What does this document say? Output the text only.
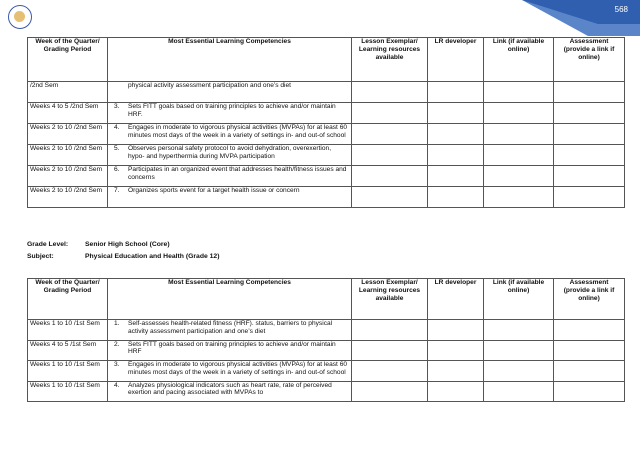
568
Week of the Quarter/ Grading Period	Most Essential Learning Competencies	Lesson Exemplar/ Learning resources available	LR developer	Link (if available online)	Assessment (provide a link if online)
/2nd Sem	physical activity assessment participation and one’s diet				

Weeks 4 to 5 /2nd Sem	3. Sets FITT goals based on training principles to achieve and/or maintain HRF.				

Weeks 2 to 10 /2nd Sem	4. Engages in moderate to vigorous physical activities (MVPAs) for at least 60 minutes most days of the week in a variety of settings in- and out-of school				

Weeks 2 to 10 /2nd Sem	5. Observes personal safety protocol to avoid dehydration, overexertion, hypo- and hyperthermia during MVPA participation				

Weeks 2 to 10 /2nd Sem	6. Participates in an organized event that addresses health/fitness issues and concerns				

Weeks 2 to 10 /2nd Sem	7. Organizes sports event for a target health issue or concern				

Grade Level: Senior High School (Core)
Subject:	Physical Education and Health (Grade 12)
Week of the Quarter/ Grading Period	Most Essential Learning Competencies	Lesson Exemplar/ Learning resources available	LR developer	Link (if available online)	Assessment (provide a link if online)
Weeks 1 to 10 /1st Sem	1. Self-assesses health-related fitness (HRF). status, barriers to physical activity assessment participation and one’s diet				

Weeks 4 to 5 /1st Sem	2. Sets FITT goals based on training principles to achieve and/or maintain HRF				

Weeks 1 to 10 /1st Sem	3. Engages in moderate to vigorous physical activities (MVPAs) for at least 60 minutes most days of the week in a variety of settings in- and out-of school				

Weeks 1 to 10 /1st Sem	4. Analyzes physiological indicators such as heart rate, rate of perceived exertion and pacing associated with MVPAs to				
